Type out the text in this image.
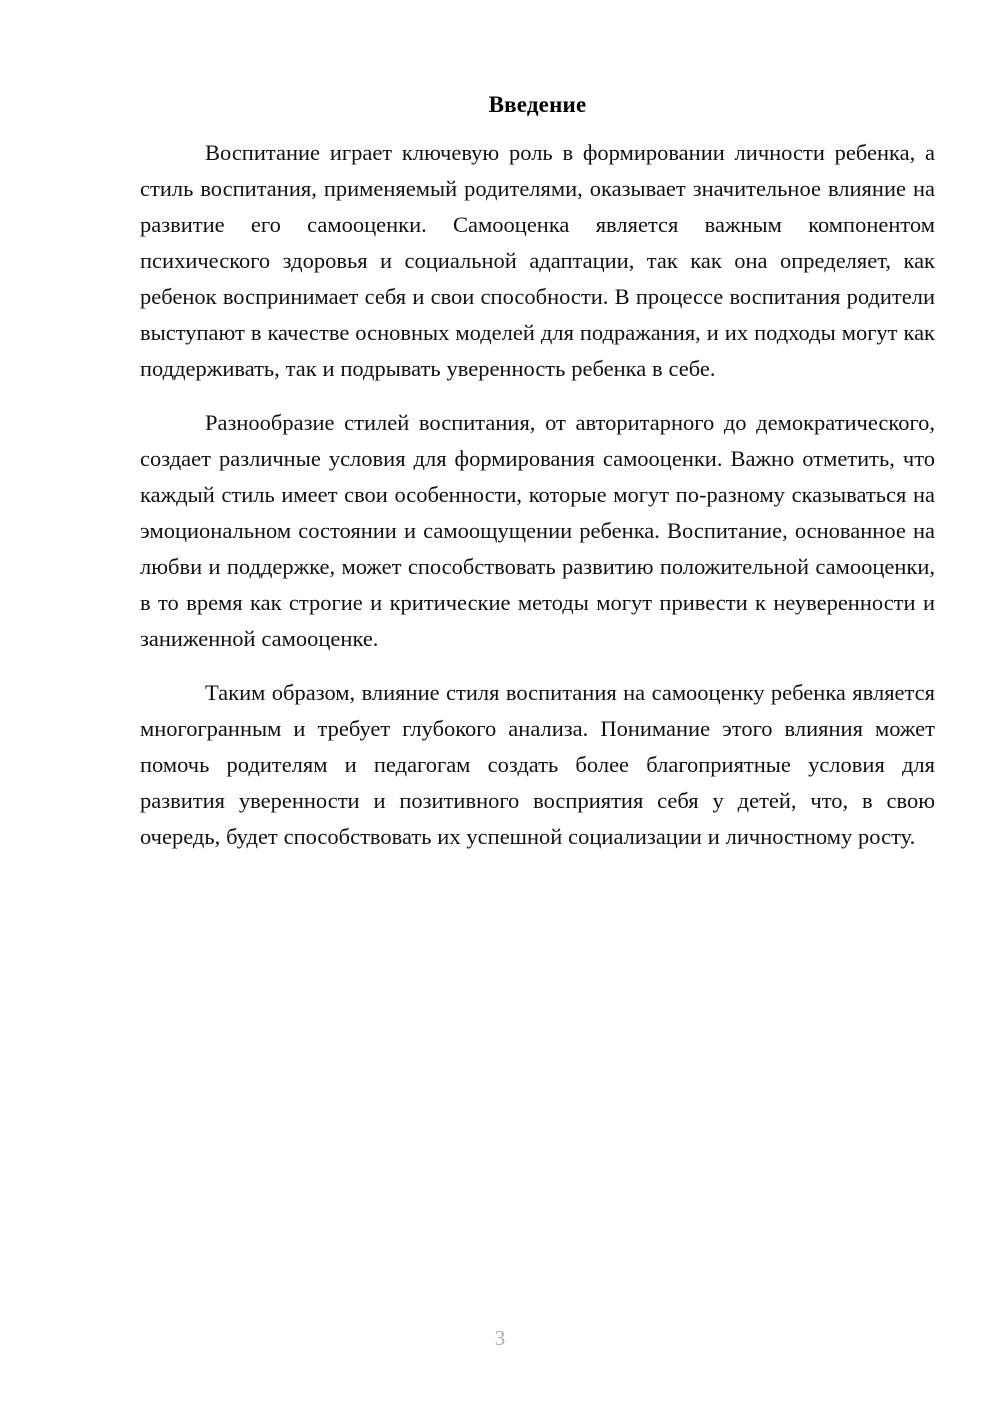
Введение

Воспитание играет ключевую роль в формировании личности ребенка, а стиль воспитания, применяемый родителями, оказывает значительное влияние на развитие его самооценки. Самооценка является важным компонентом психического здоровья и социальной адаптации, так как она определяет, как ребенок воспринимает себя и свои способности. В процессе воспитания родители выступают в качестве основных моделей для подражания, и их подходы могут как поддерживать, так и подрывать уверенность ребенка в себе.

Разнообразие стилей воспитания, от авторитарного до демократического, создает различные условия для формирования самооценки. Важно отметить, что каждый стиль имеет свои особенности, которые могут по-разному сказываться на эмоциональном состоянии и самоощущении ребенка. Воспитание, основанное на любви и поддержке, может способствовать развитию положительной самооценки, в то время как строгие и критические методы могут привести к неуверенности и заниженной самооценке.

Таким образом, влияние стиля воспитания на самооценку ребенка является многогранным и требует глубокого анализа. Понимание этого влияния может помочь родителям и педагогам создать более благоприятные условия для развития уверенности и позитивного восприятия себя у детей, что, в свою очередь, будет способствовать их успешной социализации и личностному росту.

3
